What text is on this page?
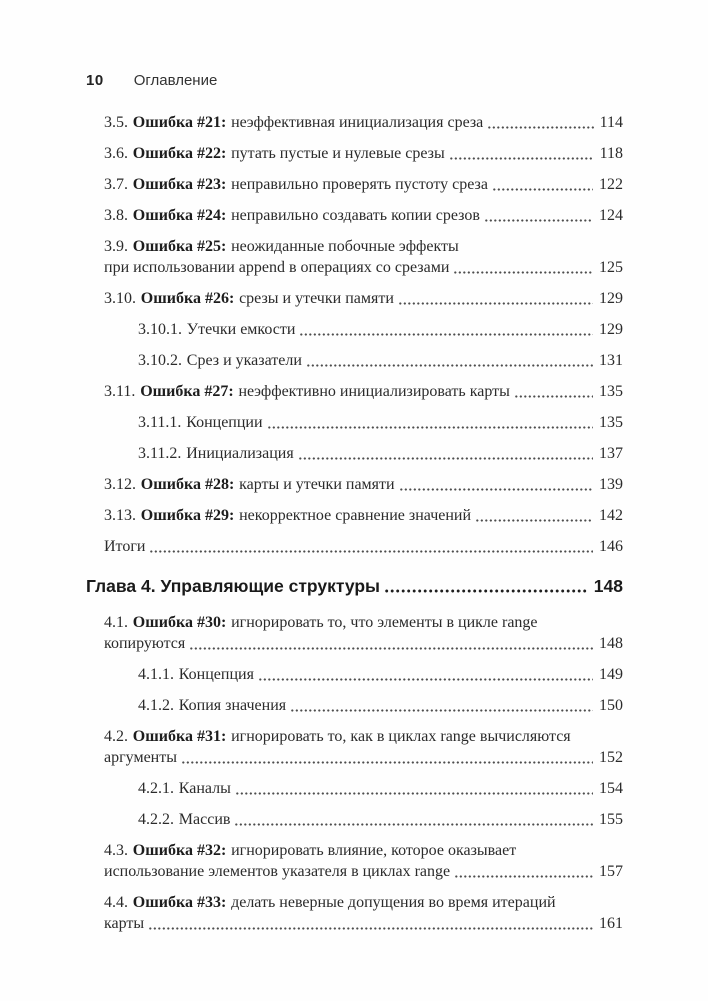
10 Оглавление
3.5. Ошибка #21: неэффективная инициализация среза	114
3.6. Ошибка #22: путать пустые и нулевые срезы	118
3.7. Ошибка #23: неправильно проверять пустоту среза	122
3.8. Ошибка #24: неправильно создавать копии срезов	124
3.9. Ошибка #25: неожиданные побочные эффекты
при использовании append в операциях со срезами	125
3.10. Ошибка #26: срезы и утечки памяти	129
3.10.1. Утечки емкости	129
3.10.2. Срез и указатели	131
3.11. Ошибка #27: неэффективно инициализировать карты	135
3.11.1. Концепции	135
3.11.2. Инициализация	137
3.12. Ошибка #28: карты и утечки памяти	139
3.13. Ошибка #29: некорректное сравнение значений	142
Итоги	146
Глава 4. Управляющие структуры	148
4.1. Ошибка #30: игнорировать то, что элементы в цикле range
копируются	148
4.1.1. Концепция	149
4.1.2. Копия значения	150
4.2. Ошибка #31: игнорировать то, как в циклах range вычисляются
аргументы	152
4.2.1. Каналы	154
4.2.2. Массив	155
4.3. Ошибка #32: игнорировать влияние, которое оказывает
использование элементов указателя в циклах range	157
4.4. Ошибка #33: делать неверные допущения во время итераций
карты	161
